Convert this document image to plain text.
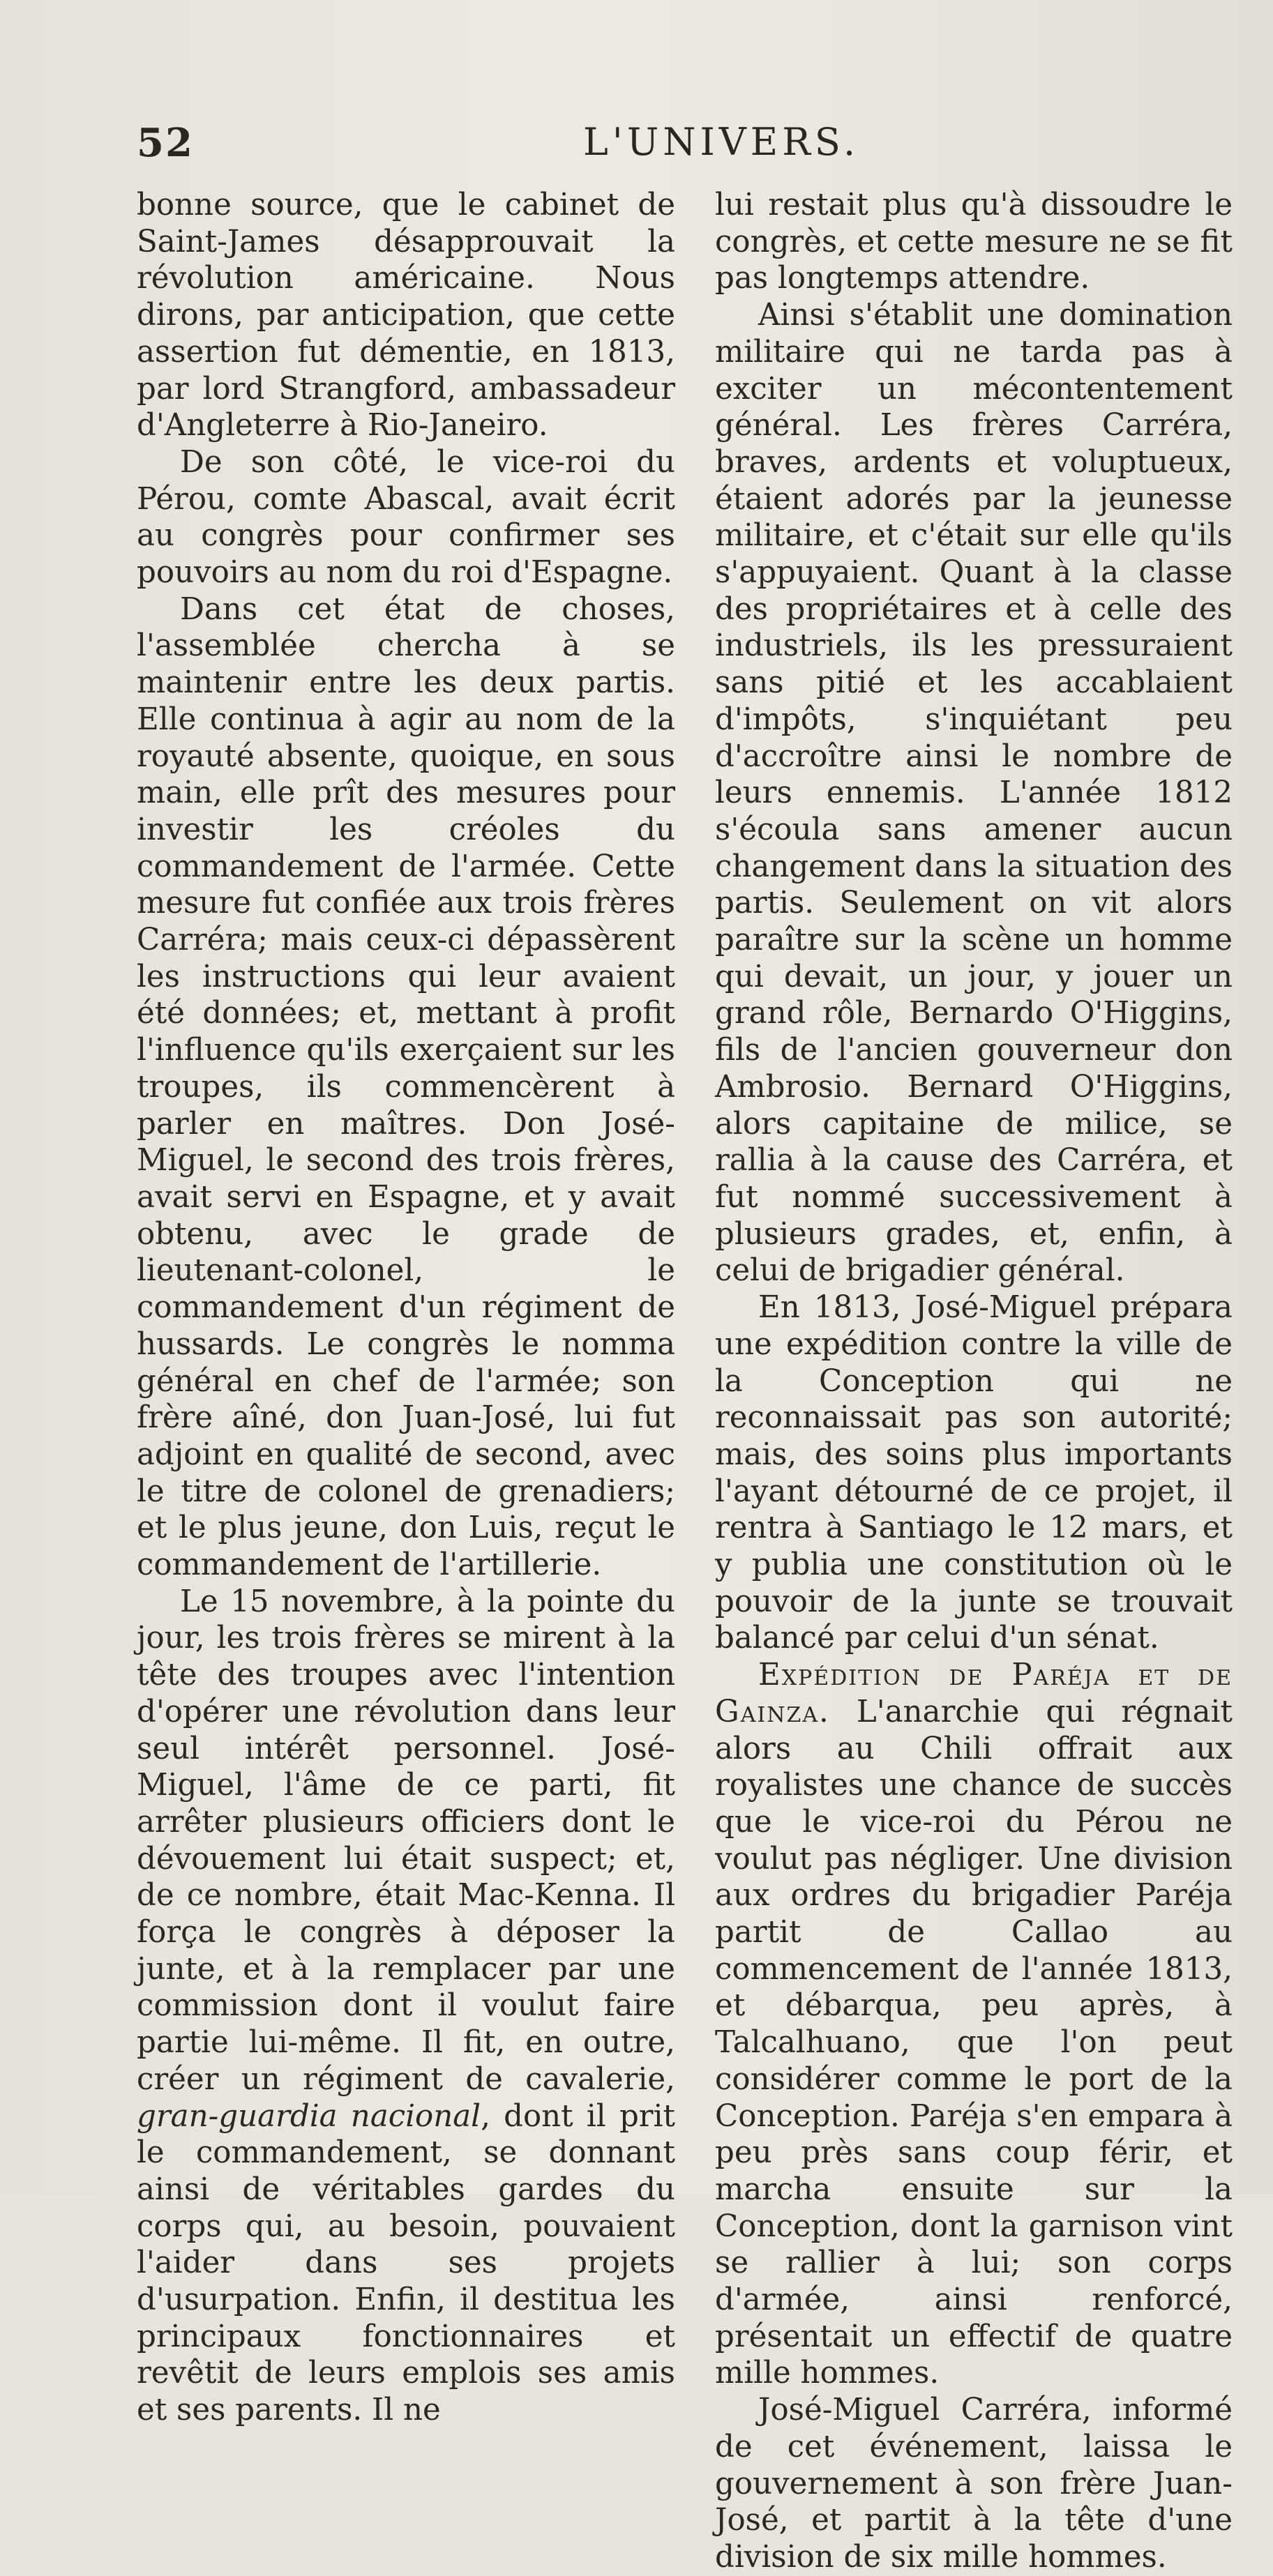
52	L'UNIVERS.

bonne source, que le cabinet de Saint-James désapprouvait la révolution américaine. Nous dirons, par anticipation, que cette assertion fut démentie, en 1813, par lord Strangford, ambassadeur d'Angleterre à Rio-Janeiro.

De son côté, le vice-roi du Pérou, comte Abascal, avait écrit au congrès pour confirmer ses pouvoirs au nom du roi d'Espagne.

Dans cet état de choses, l'assemblée chercha à se maintenir entre les deux partis. Elle continua à agir au nom de la royauté absente, quoique, en sous main, elle prît des mesures pour investir les créoles du commandement de l'armée. Cette mesure fut confiée aux trois frères Carréra; mais ceux-ci dépassèrent les instructions qui leur avaient été données; et, mettant à profit l'influence qu'ils exerçaient sur les troupes, ils commencèrent à parler en maîtres. Don José-Miguel, le second des trois frères, avait servi en Espagne, et y avait obtenu, avec le grade de lieutenant-colonel, le commandement d'un régiment de hussards. Le congrès le nomma général en chef de l'armée; son frère aîné, don Juan-José, lui fut adjoint en qualité de second, avec le titre de colonel de grenadiers; et le plus jeune, don Luis, reçut le commandement de l'artillerie.

Le 15 novembre, à la pointe du jour, les trois frères se mirent à la tête des troupes avec l'intention d'opérer une révolution dans leur seul intérêt personnel. José-Miguel, l'âme de ce parti, fit arrêter plusieurs officiers dont le dévouement lui était suspect; et, de ce nombre, était Mac-Kenna. Il força le congrès à déposer la junte, et à la remplacer par une commission dont il voulut faire partie lui-même. Il fit, en outre, créer un régiment de cavalerie, gran-guardia nacional, dont il prit le commandement, se donnant ainsi de véritables gardes du corps qui, au besoin, pouvaient l'aider dans ses projets d'usurpation. Enfin, il destitua les principaux fonctionnaires et revêtit de leurs emplois ses amis et ses parents. Il ne

lui restait plus qu'à dissoudre le congrès, et cette mesure ne se fit pas longtemps attendre.

Ainsi s'établit une domination militaire qui ne tarda pas à exciter un mécontentement général. Les frères Carréra, braves, ardents et voluptueux, étaient adorés par la jeunesse militaire, et c'était sur elle qu'ils s'appuyaient. Quant à la classe des propriétaires et à celle des industriels, ils les pressuraient sans pitié et les accablaient d'impôts, s'inquiétant peu d'accroître ainsi le nombre de leurs ennemis. L'année 1812 s'écoula sans amener aucun changement dans la situation des partis. Seulement on vit alors paraître sur la scène un homme qui devait, un jour, y jouer un grand rôle, Bernardo O'Higgins, fils de l'ancien gouverneur don Ambrosio. Bernard O'Higgins, alors capitaine de milice, se rallia à la cause des Carréra, et fut nommé successivement à plusieurs grades, et, enfin, à celui de brigadier général.

En 1813, José-Miguel prépara une expédition contre la ville de la Conception qui ne reconnaissait pas son autorité; mais, des soins plus importants l'ayant détourné de ce projet, il rentra à Santiago le 12 mars, et y publia une constitution où le pouvoir de la junte se trouvait balancé par celui d'un sénat.

Expédition de Paréja et de Gainza. L'anarchie qui régnait alors au Chili offrait aux royalistes une chance de succès que le vice-roi du Pérou ne voulut pas négliger. Une division aux ordres du brigadier Paréja partit de Callao au commencement de l'année 1813, et débarqua, peu après, à Talcalhuano, que l'on peut considérer comme le port de la Conception. Paréja s'en empara à peu près sans coup férir, et marcha ensuite sur la Conception, dont la garnison vint se rallier à lui; son corps d'armée, ainsi renforcé, présentait un effectif de quatre mille hommes.

José-Miguel Carréra, informé de cet événement, laissa le gouvernement à son frère Juan-José, et partit à la tête d'une division de six mille hommes.
